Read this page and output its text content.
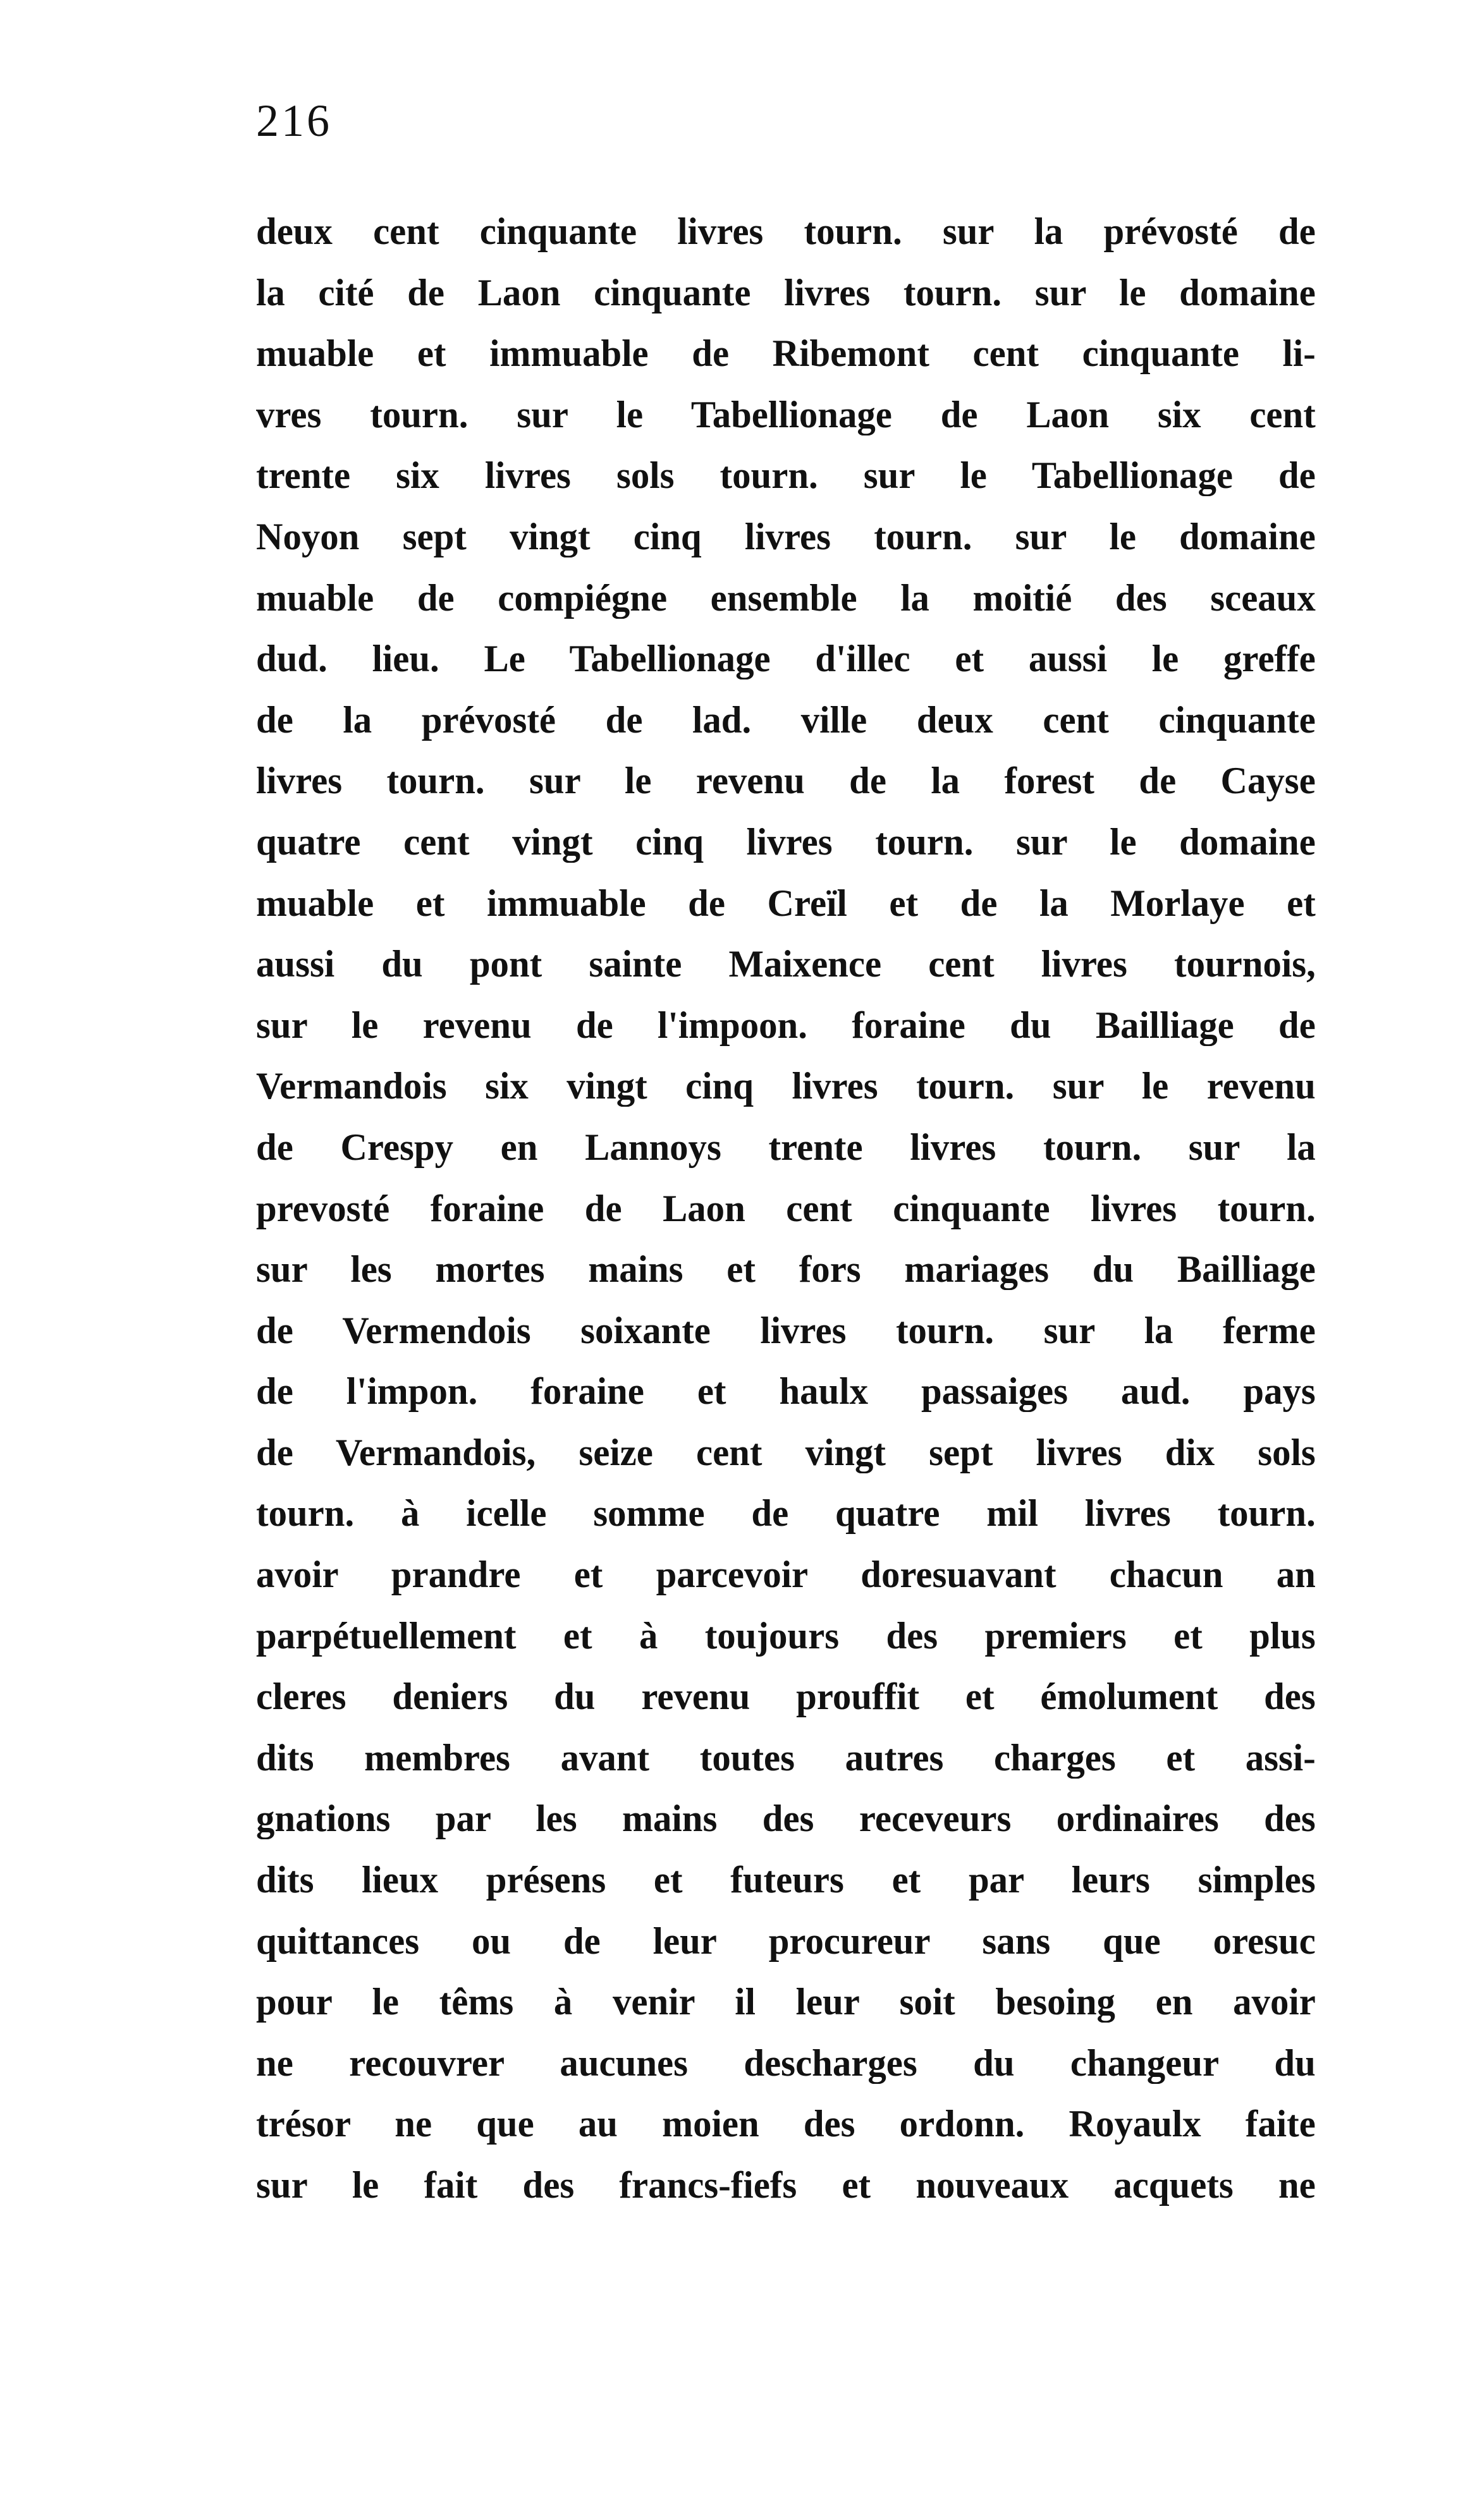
216
deux cent cinquante livres tourn. sur la prévosté de
la cité de Laon cinquante livres tourn. sur le domaine
muable et immuable de Ribemont cent cinquante li-
vres tourn. sur le Tabellionage de Laon six cent
trente six livres sols tourn. sur le Tabellionage de
Noyon sept vingt cinq livres tourn. sur le domaine
muable de compiégne ensemble la moitié des sceaux
dud. lieu. Le Tabellionage d'illec et aussi le greffe
de la prévosté de lad. ville deux cent cinquante
livres tourn. sur le revenu de la forest de Cayse
quatre cent vingt cinq livres tourn. sur le domaine
muable et immuable de Creïl et de la Morlaye et
aussi du pont sainte Maixence cent livres tournois,
sur le revenu de l'impoon. foraine du Bailliage de
Vermandois six vingt cinq livres tourn. sur le revenu
de Crespy en Lannoys trente livres tourn. sur la
prevosté foraine de Laon cent cinquante livres tourn.
sur les mortes mains et fors mariages du Bailliage
de Vermendois soixante livres tourn. sur la ferme
de l'impon. foraine et haulx passaiges aud. pays
de Vermandois, seize cent vingt sept livres dix sols
tourn. à icelle somme de quatre mil livres tourn.
avoir prandre et parcevoir doresuavant chacun an
parpétuellement et à toujours des premiers et plus
cleres deniers du revenu prouffit et émolument des
dits membres avant toutes autres charges et assi-
gnations par les mains des receveurs ordinaires des
dits lieux présens et futeurs et par leurs simples
quittances ou de leur procureur sans que oresuc
pour le têms à venir il leur soit besoing en avoir
ne recouvrer aucunes descharges du changeur du
trésor ne que au moien des ordonn. Royaulx faite
sur le fait des francs-fiefs et nouveaux acquets ne
